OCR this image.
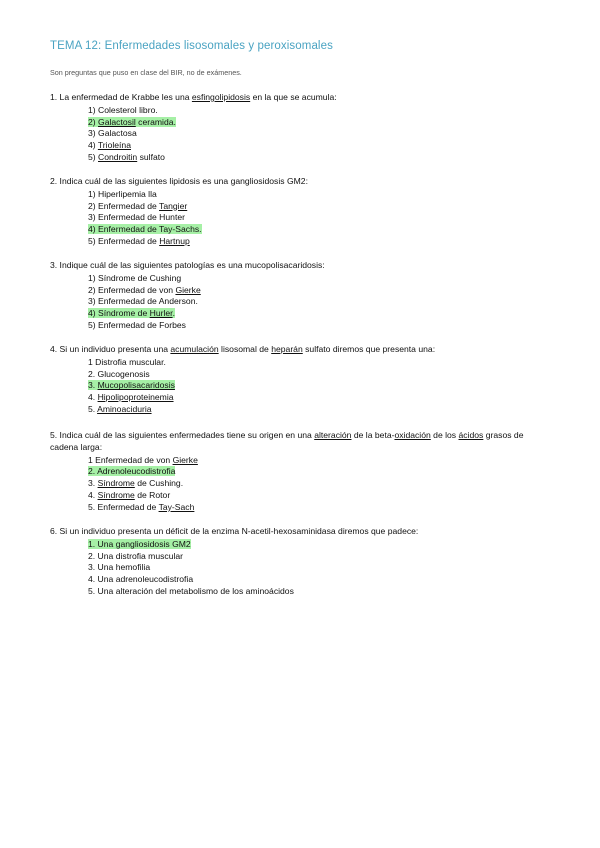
TEMA 12: Enfermedades lisosomales y peroxisomales
Son preguntas que puso en clase del BIR, no de exámenes.
1. La enfermedad de Krabbe les una esfingolipidosis en la que se acumula:
1) Colesterol libro.
2) Galactosil ceramida.
3) Galactosa
4) Trioleína
5) Condroitin sulfato
2. Indica cuál de las siguientes lipidosis es una gangliosidosis GM2:
1) Hiperlipemia lla
2) Enfermedad de Tangier
3) Enfermedad de Hunter
4) Enfermedad de Tay-Sachs.
5) Enfermedad de Hartnup
3. Indique cuál de las siguientes patologías es una mucopolisacaridosis:
1) Síndrome de Cushing
2) Enfermedad de von Gierke
3) Enfermedad de Anderson.
4) Síndrome de Hurler.
5) Enfermedad de Forbes
4. Si un individuo presenta una acumulación lisosomal de heparán sulfato diremos que presenta una:
1 Distrofia muscular.
2. Glucogenosis
3. Mucopolisacaridosis
4. Hipolipoproteinemia
5. Aminoaciduria
5. Indica cuál de las siguientes enfermedades tiene su origen en una alteración de la beta-oxidación de los ácidos grasos de cadena larga:
1 Enfermedad de von Gierke
2. Adrenoleucodistrofia
3. Síndrome de Cushing.
4. Síndrome de Rotor
5. Enfermedad de Tay-Sach
6. Si un individuo presenta un déficit de la enzima N-acetil-hexosaminidasa diremos que padece:
1. Una gangliosidosis GM2
2. Una distrofia muscular
3. Una hemofilia
4. Una adrenoleucodistrofia
5. Una alteración del metabolismo de los aminoácidos
